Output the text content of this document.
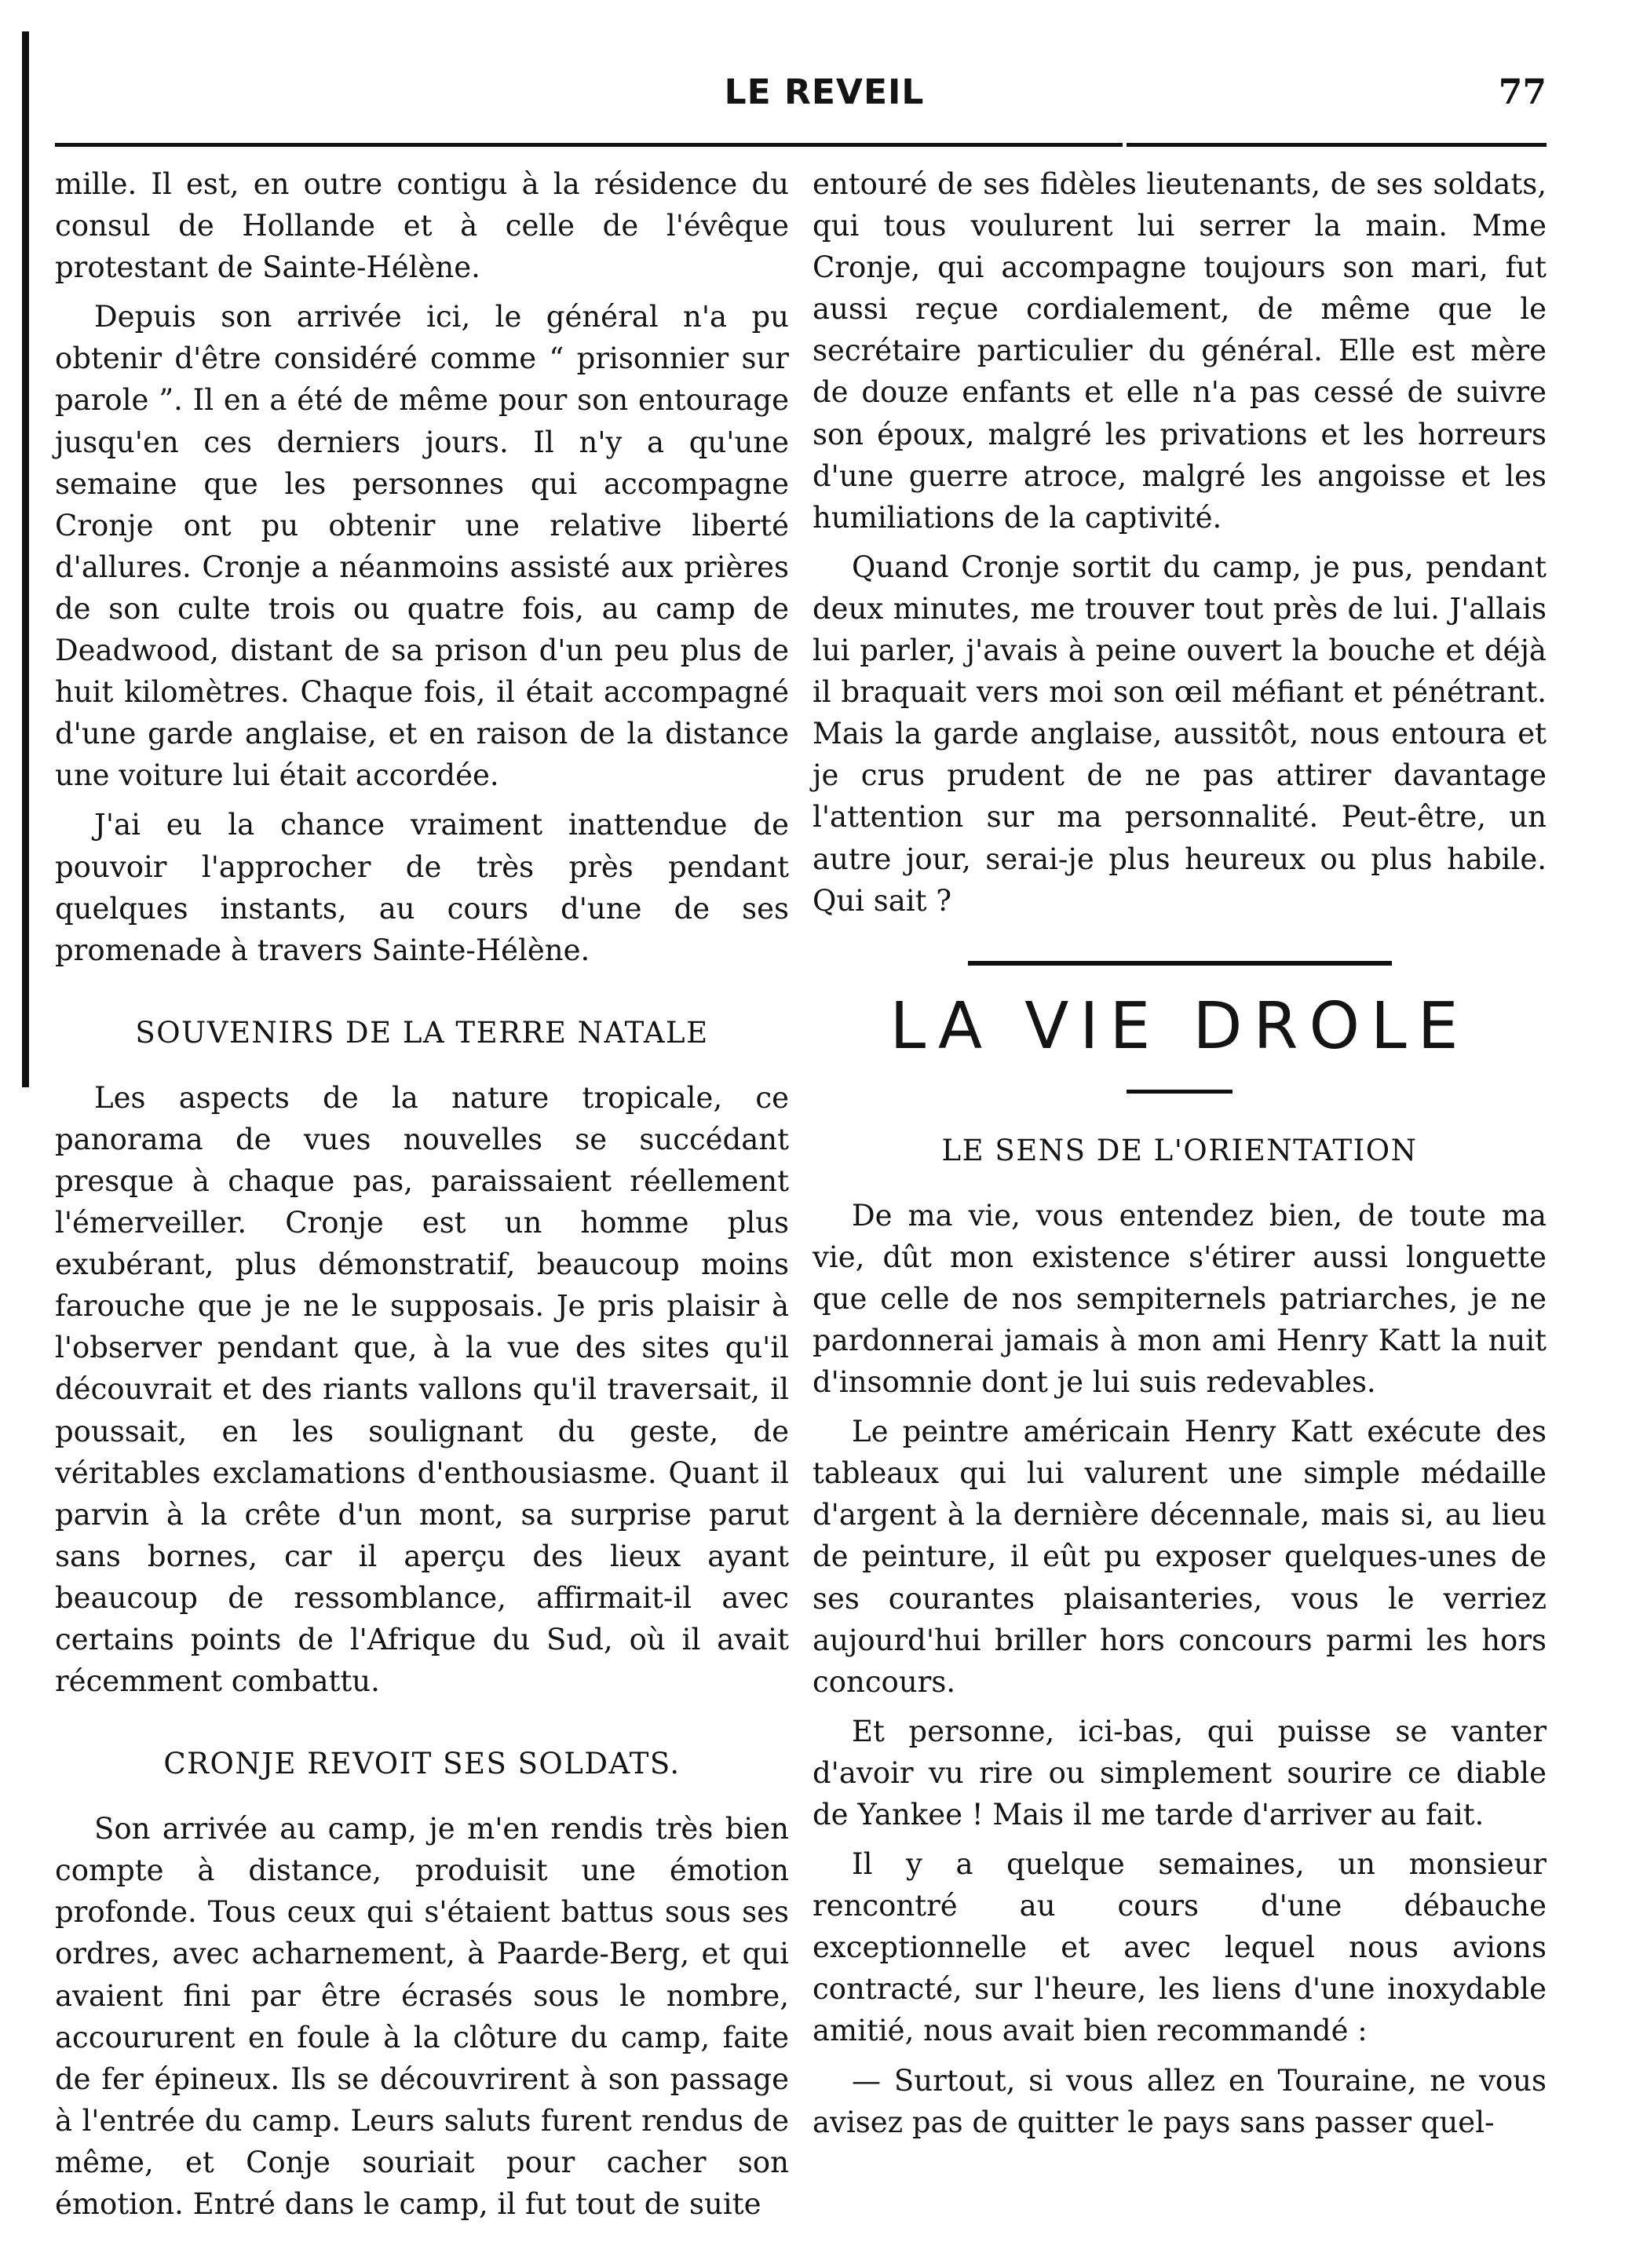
LE REVEIL	77

mille. Il est, en outre contigu à la résidence du consul de Hollande et à celle de l'évêque protestant de Sainte-Hélène.

Depuis son arrivée ici, le général n'a pu obtenir d'être considéré comme “ prisonnier sur parole ”. Il en a été de même pour son entourage jusqu'en ces derniers jours. Il n'y a qu'une semaine que les personnes qui accompagne Cronje ont pu obtenir une relative liberté d'allures. Cronje a néanmoins assisté aux prières de son culte trois ou quatre fois, au camp de Deadwood, distant de sa prison d'un peu plus de huit kilomètres. Chaque fois, il était accompagné d'une garde anglaise, et en raison de la distance une voiture lui était accordée.

J'ai eu la chance vraiment inattendue de pouvoir l'approcher de très près pendant quelques instants, au cours d'une de ses promenade à travers Sainte-Hélène.

SOUVENIRS DE LA TERRE NATALE

Les aspects de la nature tropicale, ce panorama de vues nouvelles se succédant presque à chaque pas, paraissaient réellement l'émerveiller. Cronje est un homme plus exubérant, plus démonstratif, beaucoup moins farouche que je ne le supposais. Je pris plaisir à l'observer pendant que, à la vue des sites qu'il découvrait et des riants vallons qu'il traversait, il poussait, en les soulignant du geste, de véritables exclamations d'enthousiasme. Quant il parvin à la crête d'un mont, sa surprise parut sans bornes, car il aperçu des lieux ayant beaucoup de ressomblance, affirmait-il avec certains points de l'Afrique du Sud, où il avait récemment combattu.

CRONJE REVOIT SES SOLDATS.

Son arrivée au camp, je m'en rendis très bien compte à distance, produisit une émotion profonde. Tous ceux qui s'étaient battus sous ses ordres, avec acharnement, à Paarde-Berg, et qui avaient fini par être écrasés sous le nombre, accoururent en foule à la clôture du camp, faite de fer épineux. Ils se découvrirent à son passage à l'entrée du camp. Leurs saluts furent rendus de même, et Conje souriait pour cacher son émotion. Entré dans le camp, il fut tout de suite

entouré de ses fidèles lieutenants, de ses soldats, qui tous voulurent lui serrer la main. Mme Cronje, qui accompagne toujours son mari, fut aussi reçue cordialement, de même que le secrétaire particulier du général. Elle est mère de douze enfants et elle n'a pas cessé de suivre son époux, malgré les privations et les horreurs d'une guerre atroce, malgré les angoisse et les humiliations de la captivité.

Quand Cronje sortit du camp, je pus, pendant deux minutes, me trouver tout près de lui. J'allais lui parler, j'avais à peine ouvert la bouche et déjà il braquait vers moi son œil méfiant et pénétrant. Mais la garde anglaise, aussitôt, nous entoura et je crus prudent de ne pas attirer davantage l'attention sur ma personnalité. Peut-être, un autre jour, serai-je plus heureux ou plus habile. Qui sait ?

LA VIE DROLE
LE SENS DE L'ORIENTATION

De ma vie, vous entendez bien, de toute ma vie, dût mon existence s'étirer aussi longuette que celle de nos sempiternels patriarches, je ne pardonnerai jamais à mon ami Henry Katt la nuit d'insomnie dont je lui suis redevables.

Le peintre américain Henry Katt exécute des tableaux qui lui valurent une simple médaille d'argent à la dernière décennale, mais si, au lieu de peinture, il eût pu exposer quelques-unes de ses courantes plaisanteries, vous le verriez aujourd'hui briller hors concours parmi les hors concours.

Et personne, ici-bas, qui puisse se vanter d'avoir vu rire ou simplement sourire ce diable de Yankee ! Mais il me tarde d'arriver au fait.

Il y a quelque semaines, un monsieur rencontré au cours d'une débauche exceptionnelle et avec lequel nous avions contracté, sur l'heure, les liens d'une inoxydable amitié, nous avait bien recommandé :

— Surtout, si vous allez en Touraine, ne vous avisez pas de quitter le pays sans passer quel-
